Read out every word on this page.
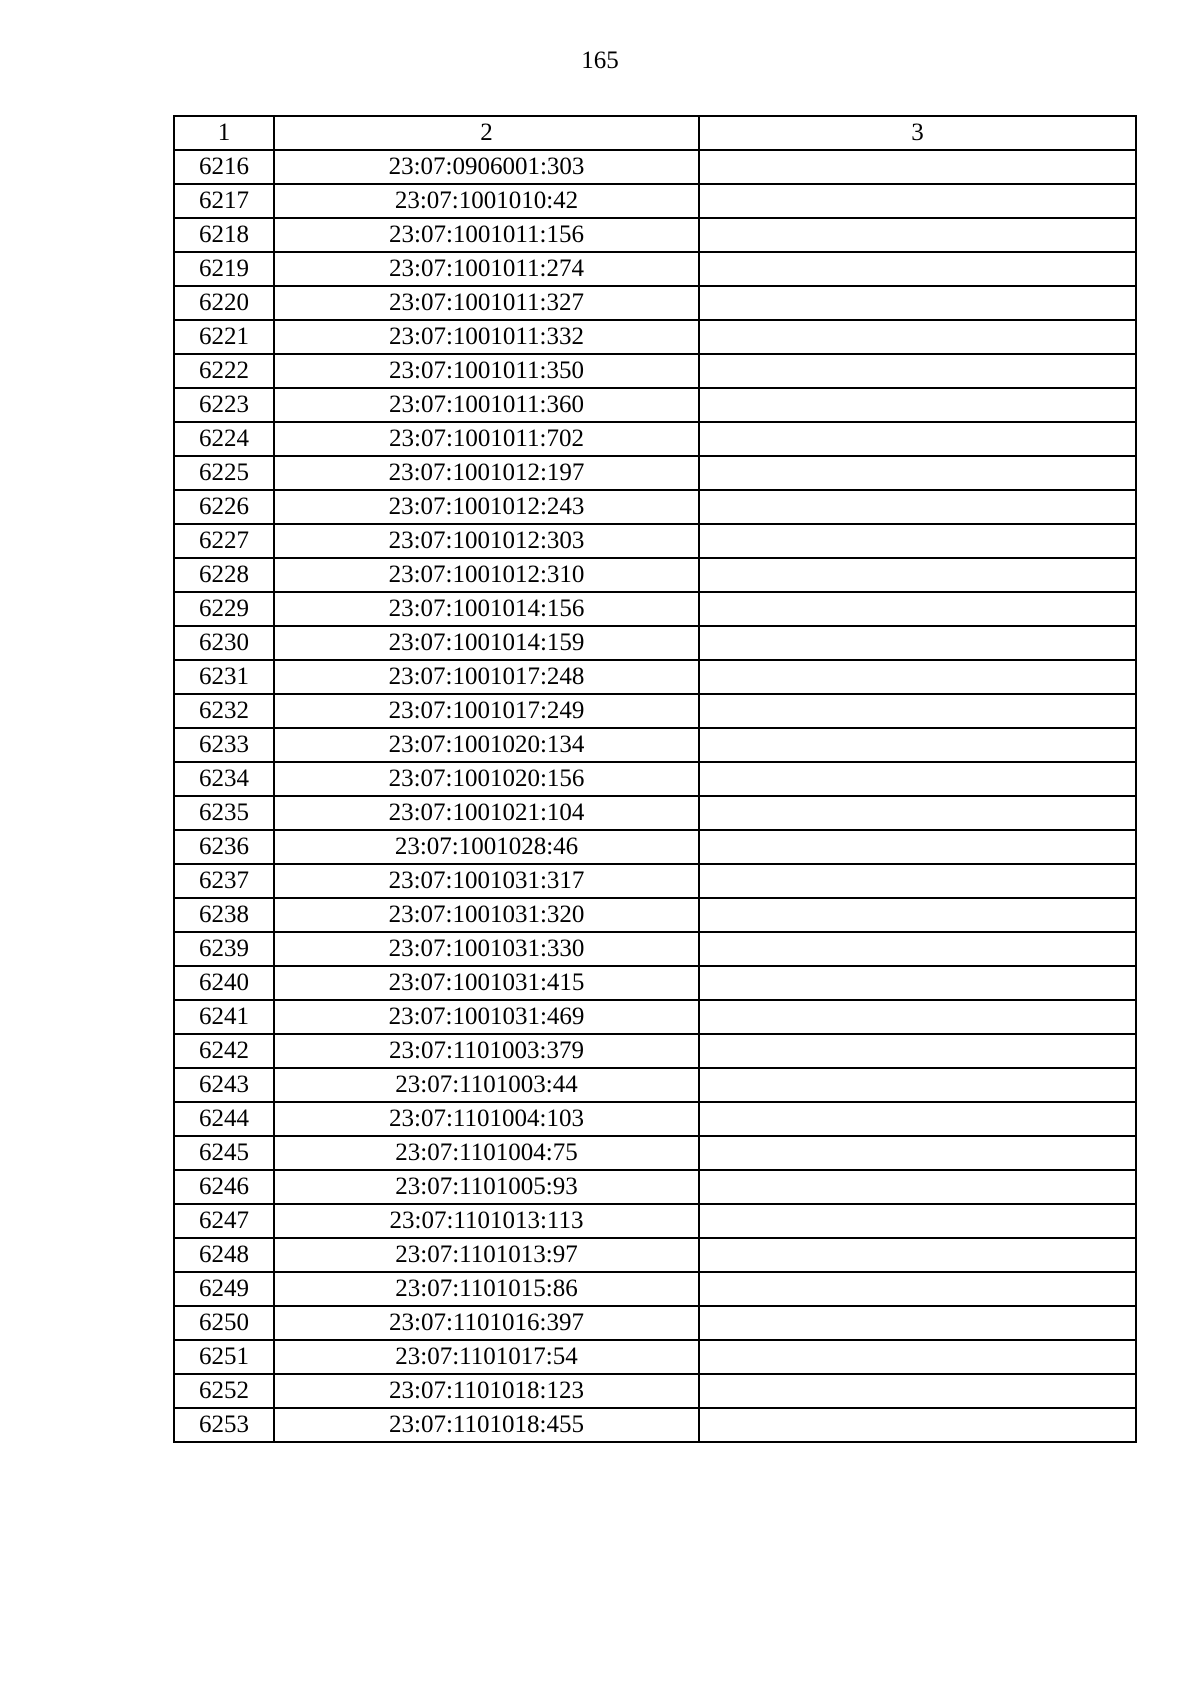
165
1	2	3
6216	23:07:0906001:303	
6217	23:07:1001010:42	
6218	23:07:1001011:156	
6219	23:07:1001011:274	
6220	23:07:1001011:327	
6221	23:07:1001011:332	
6222	23:07:1001011:350	
6223	23:07:1001011:360	
6224	23:07:1001011:702	
6225	23:07:1001012:197	
6226	23:07:1001012:243	
6227	23:07:1001012:303	
6228	23:07:1001012:310	
6229	23:07:1001014:156	
6230	23:07:1001014:159	
6231	23:07:1001017:248	
6232	23:07:1001017:249	
6233	23:07:1001020:134	
6234	23:07:1001020:156	
6235	23:07:1001021:104	
6236	23:07:1001028:46	
6237	23:07:1001031:317	
6238	23:07:1001031:320	
6239	23:07:1001031:330	
6240	23:07:1001031:415	
6241	23:07:1001031:469	
6242	23:07:1101003:379	
6243	23:07:1101003:44	
6244	23:07:1101004:103	
6245	23:07:1101004:75	
6246	23:07:1101005:93	
6247	23:07:1101013:113	
6248	23:07:1101013:97	
6249	23:07:1101015:86	
6250	23:07:1101016:397	
6251	23:07:1101017:54	
6252	23:07:1101018:123	
6253	23:07:1101018:455	
